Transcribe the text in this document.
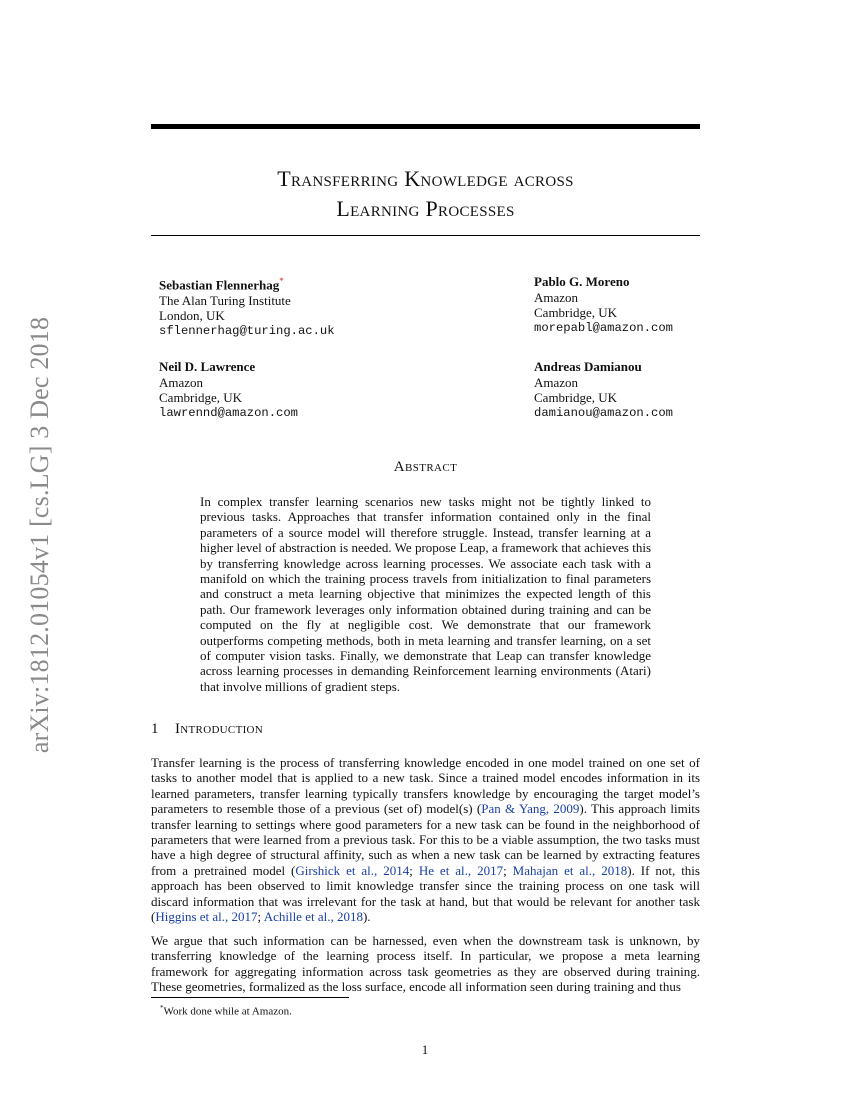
arXiv:1812.01054v1 [cs.LG] 3 Dec 2018
Transferring Knowledge across
Learning Processes
Sebastian Flennerhag*
The Alan Turing Institute
London, UK
sflennerhag@turing.ac.uk
Pablo G. Moreno
Amazon
Cambridge, UK
morepabl@amazon.com
Neil D. Lawrence
Amazon
Cambridge, UK
lawrennd@amazon.com
Andreas Damianou
Amazon
Cambridge, UK
damianou@amazon.com
Abstract

In complex transfer learning scenarios new tasks might not be tightly linked to previous tasks. Approaches that transfer information contained only in the final parameters of a source model will therefore struggle. Instead, transfer learning at a higher level of abstraction is needed. We propose Leap, a framework that achieves this by transferring knowledge across learning processes. We associate each task with a manifold on which the training process travels from initialization to final parameters and construct a meta learning objective that minimizes the expected length of this path. Our framework leverages only information obtained during training and can be computed on the fly at negligible cost. We demonstrate that our framework outperforms competing methods, both in meta learning and transfer learning, on a set of computer vision tasks. Finally, we demonstrate that Leap can transfer knowledge across learning processes in demanding Reinforcement learning environments (Atari) that involve millions of gradient steps.

1 Introduction

Transfer learning is the process of transferring knowledge encoded in one model trained on one set of tasks to another model that is applied to a new task. Since a trained model encodes information in its learned parameters, transfer learning typically transfers knowledge by encouraging the target model’s parameters to resemble those of a previous (set of) model(s) (Pan & Yang, 2009). This approach limits transfer learning to settings where good parameters for a new task can be found in the neighborhood of parameters that were learned from a previous task. For this to be a viable assumption, the two tasks must have a high degree of structural affinity, such as when a new task can be learned by extracting features from a pretrained model (Girshick et al., 2014; He et al., 2017; Mahajan et al., 2018). If not, this approach has been observed to limit knowledge transfer since the training process on one task will discard information that was irrelevant for the task at hand, but that would be relevant for another task (Higgins et al., 2017; Achille et al., 2018).

We argue that such information can be harnessed, even when the downstream task is unknown, by transferring knowledge of the learning process itself. In particular, we propose a meta learning framework for aggregating information across task geometries as they are observed during training. These geometries, formalized as the loss surface, encode all information seen during training and thus

*Work done while at Amazon.
1
